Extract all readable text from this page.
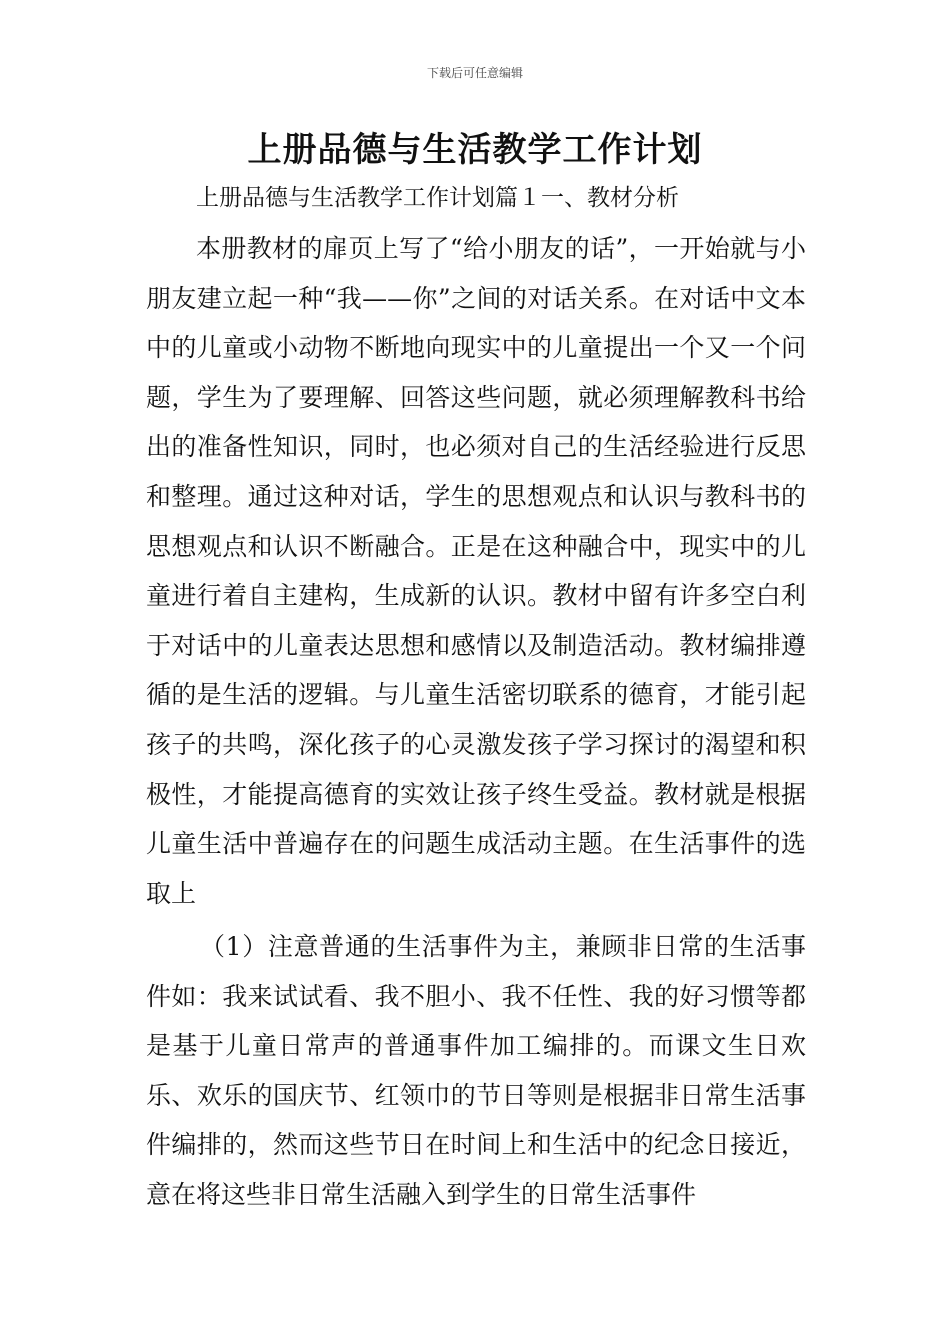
下载后可任意编辑
上册品德与生活教学工作计划
上册品德与生活教学工作计划篇１一、教材分析

本册教材的扉页上写了“给小朋友的话”，一开始就与小朋友建立起一种“我——你”之间的对话关系。在对话中文本中的儿童或小动物不断地向现实中的儿童提出一个又一个问题，学生为了要理解、回答这些问题，就必须理解教科书给出的准备性知识，同时，也必须对自己的生活经验进行反思和整理。通过这种对话，学生的思想观点和认识与教科书的思想观点和认识不断融合。正是在这种融合中，现实中的儿童进行着自主建构，生成新的认识。教材中留有许多空白利于对话中的儿童表达思想和感情以及制造活动。教材编排遵循的是生活的逻辑。与儿童生活密切联系的德育，才能引起孩子的共鸣，深化孩子的心灵激发孩子学习探讨的渴望和积极性，才能提高德育的实效让孩子终生受益。教材就是根据儿童生活中普遍存在的问题生成活动主题。在生活事件的选取上

（1）注意普通的生活事件为主，兼顾非日常的生活事件如：我来试试看、我不胆小、我不任性、我的好习惯等都是基于儿童日常声的普通事件加工编排的。而课文生日欢乐、欢乐的国庆节、红领巾的节日等则是根据非日常生活事件编排的，然而这些节日在时间上和生活中的纪念日接近，意在将这些非日常生活融入到学生的日常生活事件
